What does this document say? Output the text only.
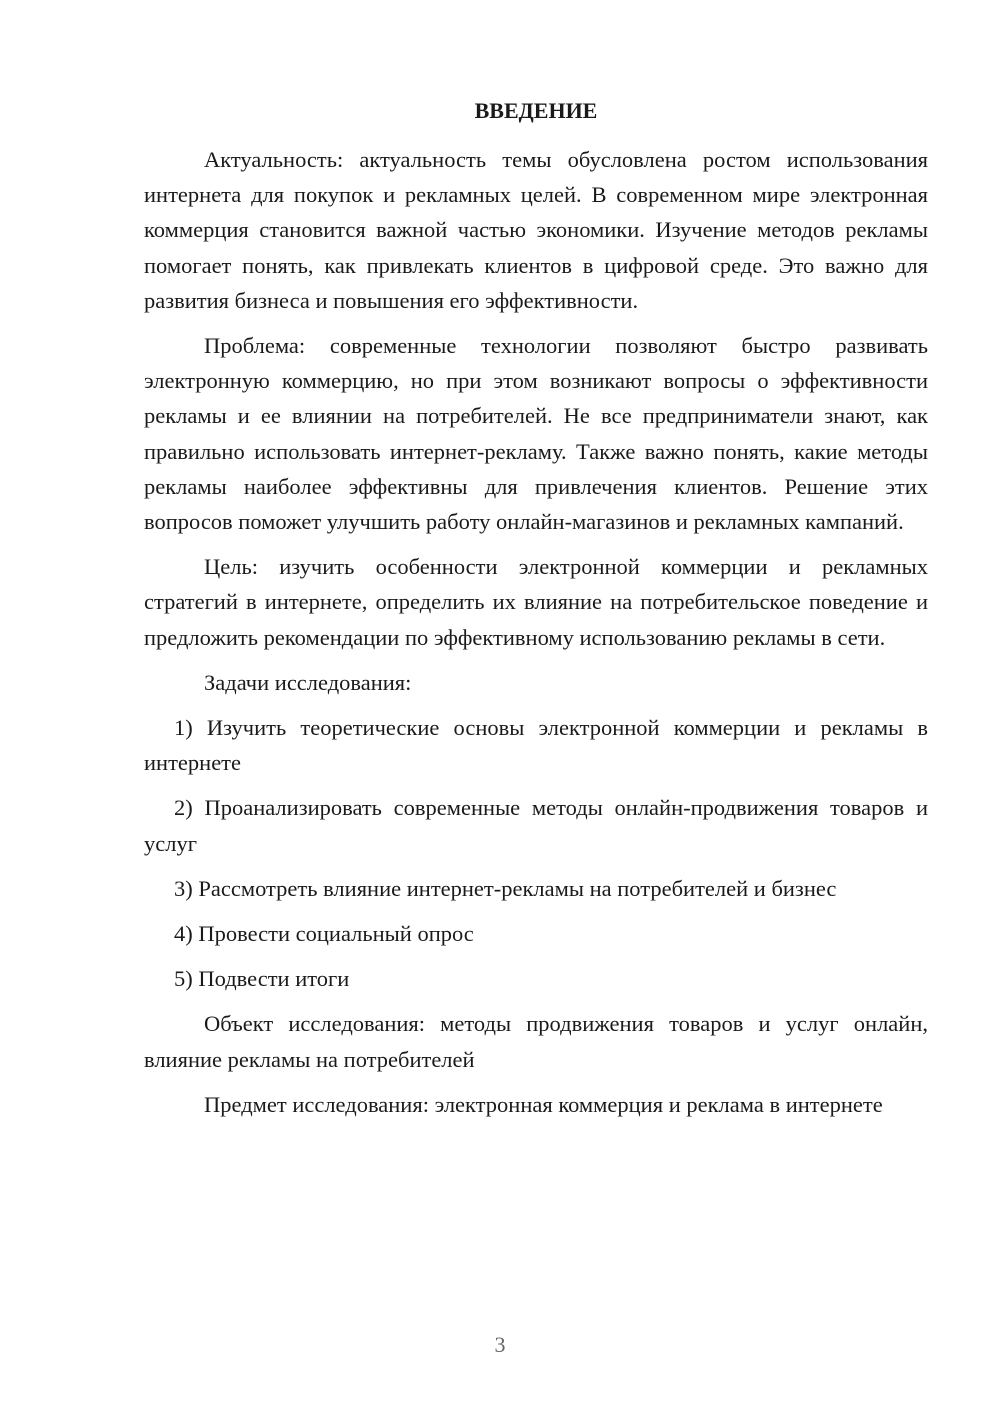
ВВЕДЕНИЕ

Актуальность: актуальность темы обусловлена ростом использования интернета для покупок и рекламных целей. В современном мире электронная коммерция становится важной частью экономики. Изучение методов рекламы помогает понять, как привлекать клиентов в цифровой среде. Это важно для развития бизнеса и повышения его эффективности.

Проблема: современные технологии позволяют быстро развивать электронную коммерцию, но при этом возникают вопросы о эффективности рекламы и ее влиянии на потребителей. Не все предприниматели знают, как правильно использовать интернет-рекламу. Также важно понять, какие методы рекламы наиболее эффективны для привлечения клиентов. Решение этих вопросов поможет улучшить работу онлайн-магазинов и рекламных кампаний.

Цель: изучить особенности электронной коммерции и рекламных стратегий в интернете, определить их влияние на потребительское поведение и предложить рекомендации по эффективному использованию рекламы в сети.

Задачи исследования:

1) Изучить теоретические основы электронной коммерции и рекламы в интернете

2) Проанализировать современные методы онлайн-продвижения товаров и услуг

3) Рассмотреть влияние интернет-рекламы на потребителей и бизнес

4) Провести социальный опрос

5) Подвести итоги

Объект исследования: методы продвижения товаров и услуг онлайн, влияние рекламы на потребителей

Предмет исследования: электронная коммерция и реклама в интернете

3
